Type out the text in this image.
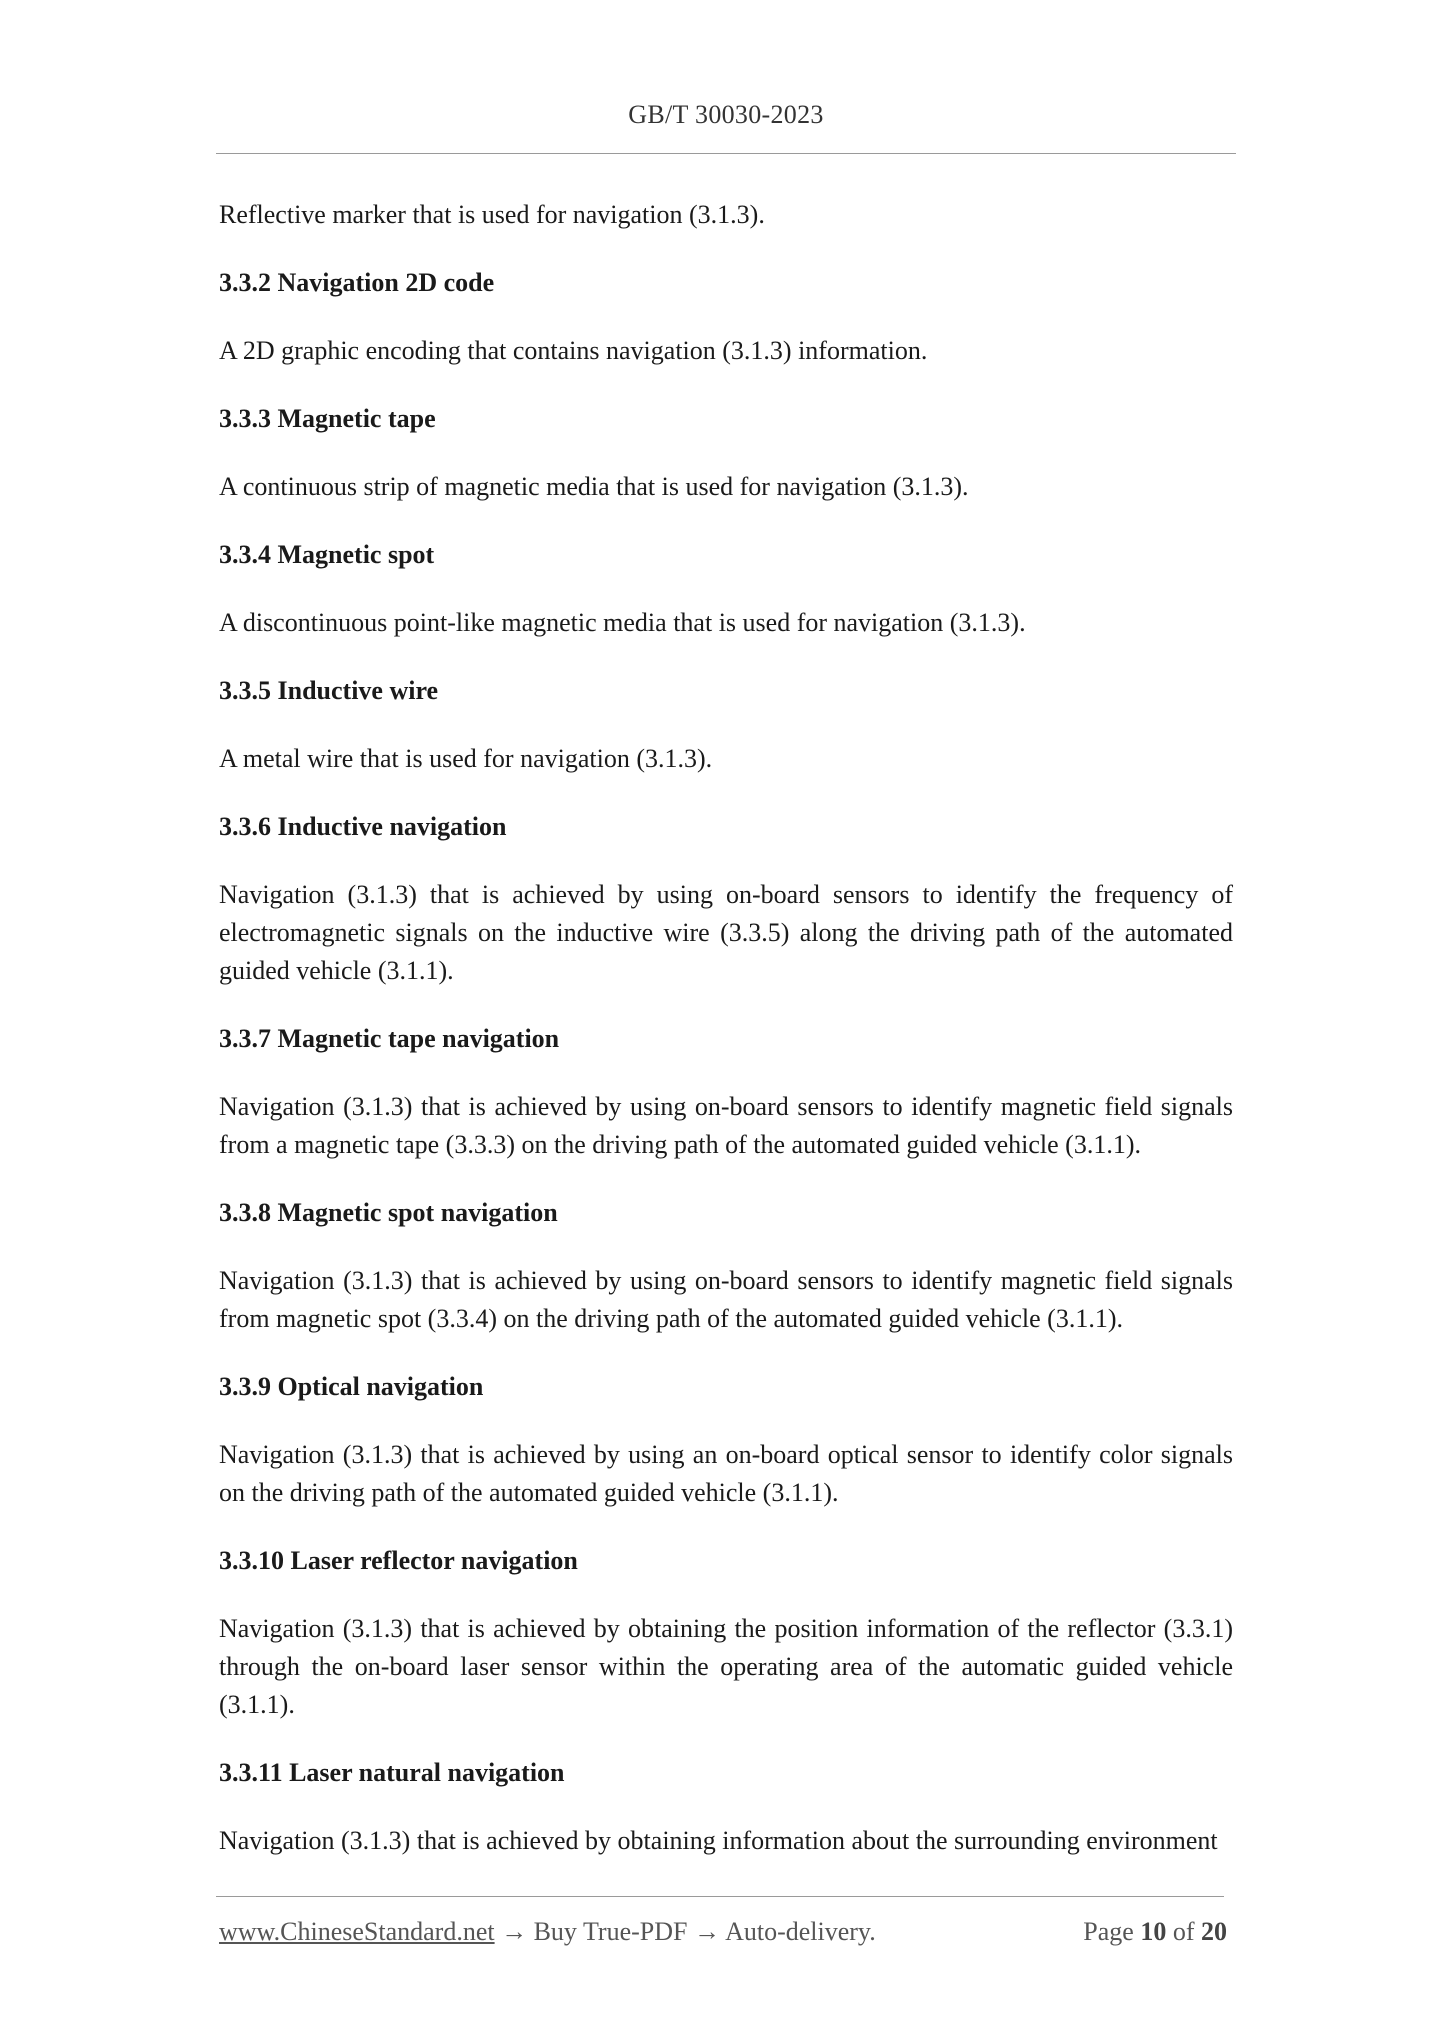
GB/T 30030-2023

Reflective marker that is used for navigation (3.1.3).

3.3.2 Navigation 2D code

A 2D graphic encoding that contains navigation (3.1.3) information.

3.3.3 Magnetic tape

A continuous strip of magnetic media that is used for navigation (3.1.3).

3.3.4 Magnetic spot

A discontinuous point-like magnetic media that is used for navigation (3.1.3).

3.3.5 Inductive wire

A metal wire that is used for navigation (3.1.3).

3.3.6 Inductive navigation

Navigation (3.1.3) that is achieved by using on-board sensors to identify the frequency of electromagnetic signals on the inductive wire (3.3.5) along the driving path of the automated guided vehicle (3.1.1).

3.3.7 Magnetic tape navigation

Navigation (3.1.3) that is achieved by using on-board sensors to identify magnetic field signals from a magnetic tape (3.3.3) on the driving path of the automated guided vehicle (3.1.1).

3.3.8 Magnetic spot navigation

Navigation (3.1.3) that is achieved by using on-board sensors to identify magnetic field signals from magnetic spot (3.3.4) on the driving path of the automated guided vehicle (3.1.1).

3.3.9 Optical navigation

Navigation (3.1.3) that is achieved by using an on-board optical sensor to identify color signals on the driving path of the automated guided vehicle (3.1.1).

3.3.10 Laser reflector navigation

Navigation (3.1.3) that is achieved by obtaining the position information of the reflector (3.3.1) through the on-board laser sensor within the operating area of the automatic guided vehicle (3.1.1).

3.3.11 Laser natural navigation

Navigation (3.1.3) that is achieved by obtaining information about the surrounding environment

www.ChineseStandard.net → Buy True-PDF → Auto-delivery.	Page 10 of 20
